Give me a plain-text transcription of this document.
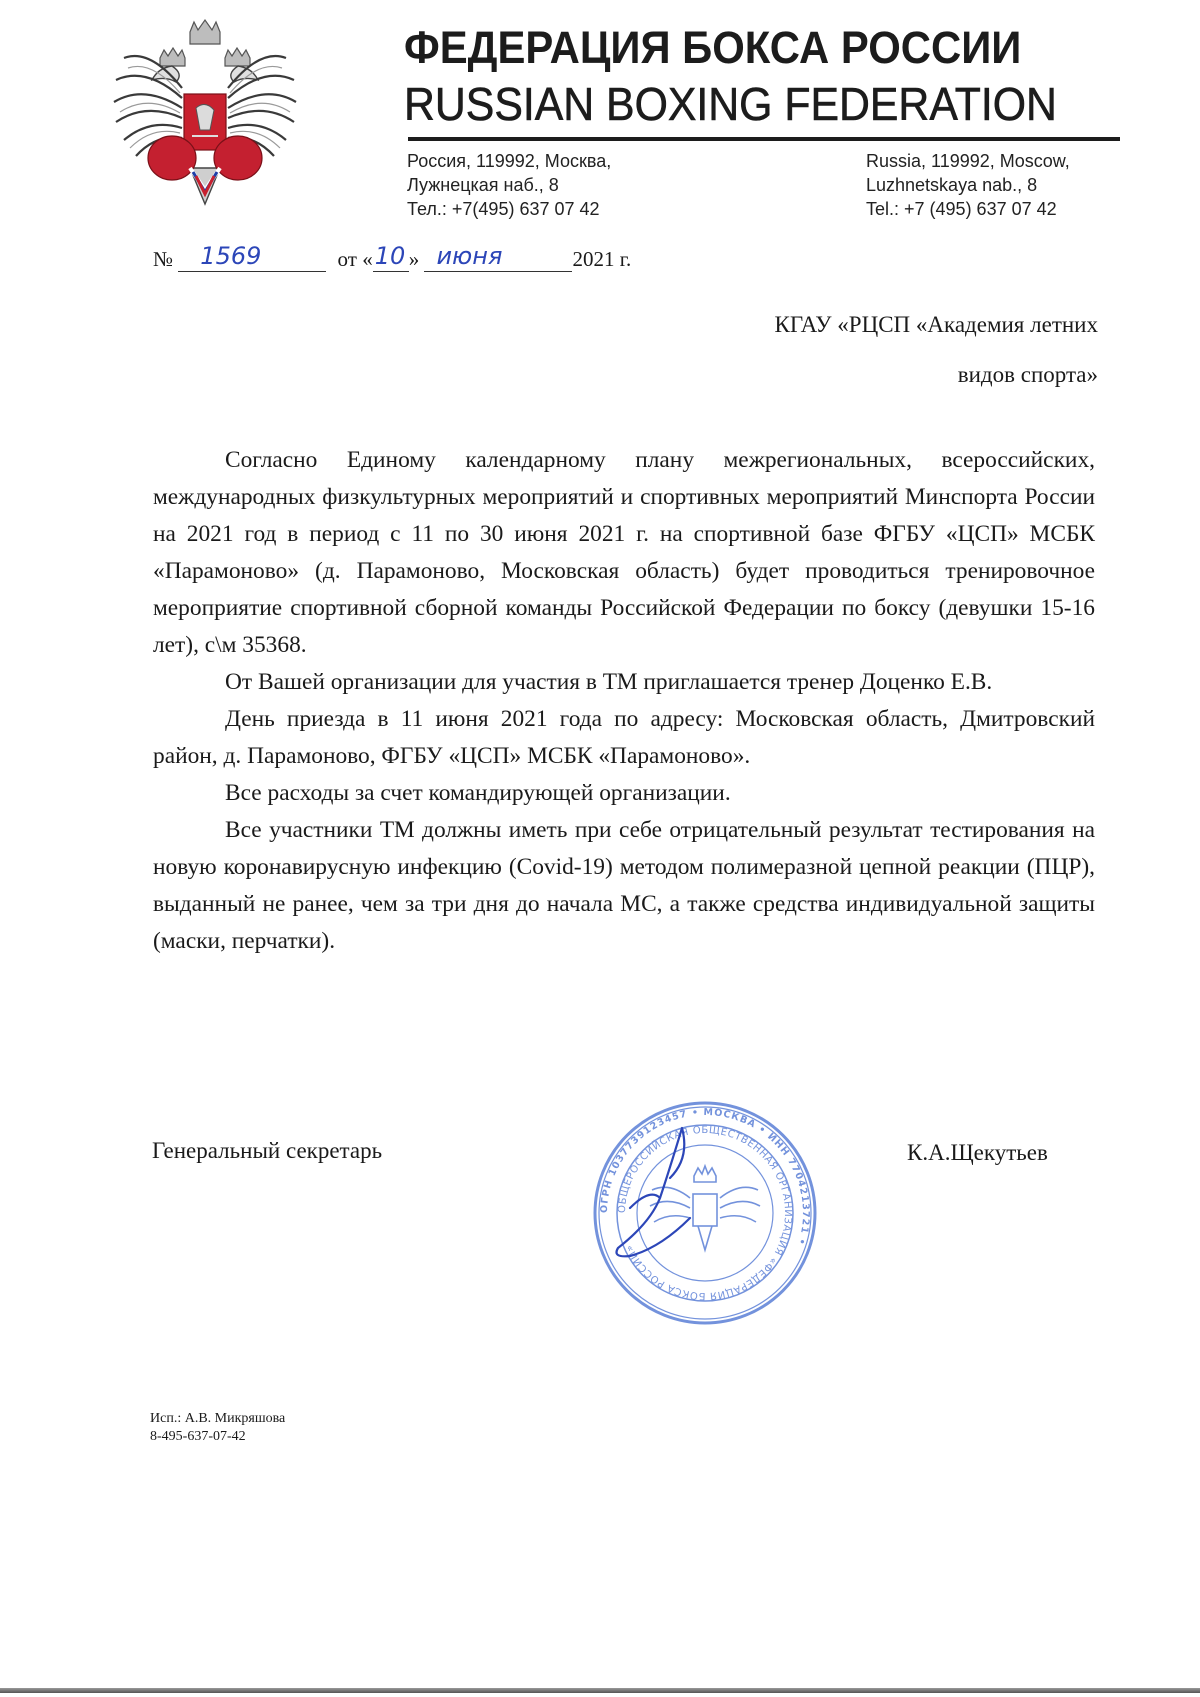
ФЕДЕРАЦИЯ БОКСА РОССИИ
RUSSIAN BOXING FEDERATION
Россия, 119992, Москва,
Лужнецкая наб., 8
Тел.: +7(495) 637 07 42
Russia, 119992, Moscow,
Luzhnetskaya nab., 8
Tel.: +7 (495) 637 07 42
№ 1569	от « 10 » июня	2021 г.
КГАУ «РЦСП «Академия летних
видов спорта»

Согласно Единому календарному плану межрегиональных, всероссийских, международных физкультурных мероприятий и спортивных мероприятий Минспорта России на 2021 год в период с 11 по 30 июня 2021 г. на спортивной базе ФГБУ «ЦСП» МСБК «Парамоново» (д. Парамоново, Московская область) будет проводиться тренировочное мероприятие спортивной сборной команды Российской Федерации по боксу (девушки 15-16 лет), с\м 35368.

От Вашей организации для участия в ТМ приглашается тренер Доценко Е.В.

День приезда в 11 июня 2021 года по адресу: Московская область, Дмитровский район, д. Парамоново, ФГБУ «ЦСП» МСБК «Парамоново».

Все расходы за счет командирующей организации.

Все участники ТМ должны иметь при себе отрицательный результат тестирования на новую коронавирусную инфекцию (Covid-19) методом полимеразной цепной реакции (ПЦР), выданный не ранее, чем за три дня до начала МС, а также средства индивидуальной защиты (маски, перчатки).

Генеральный секретарь	К.А.Щекутьев
ОГРН 1037739123457 • МОСКВА • ИНН 7704213721 •
ОБЩЕРОССИЙСКАЯ ОБЩЕСТВЕННАЯ ОРГАНИЗАЦИЯ «ФЕДЕРАЦИЯ БОКСА РОССИИ»
Исп.: А.В. Микряшова
8-495-637-07-42
